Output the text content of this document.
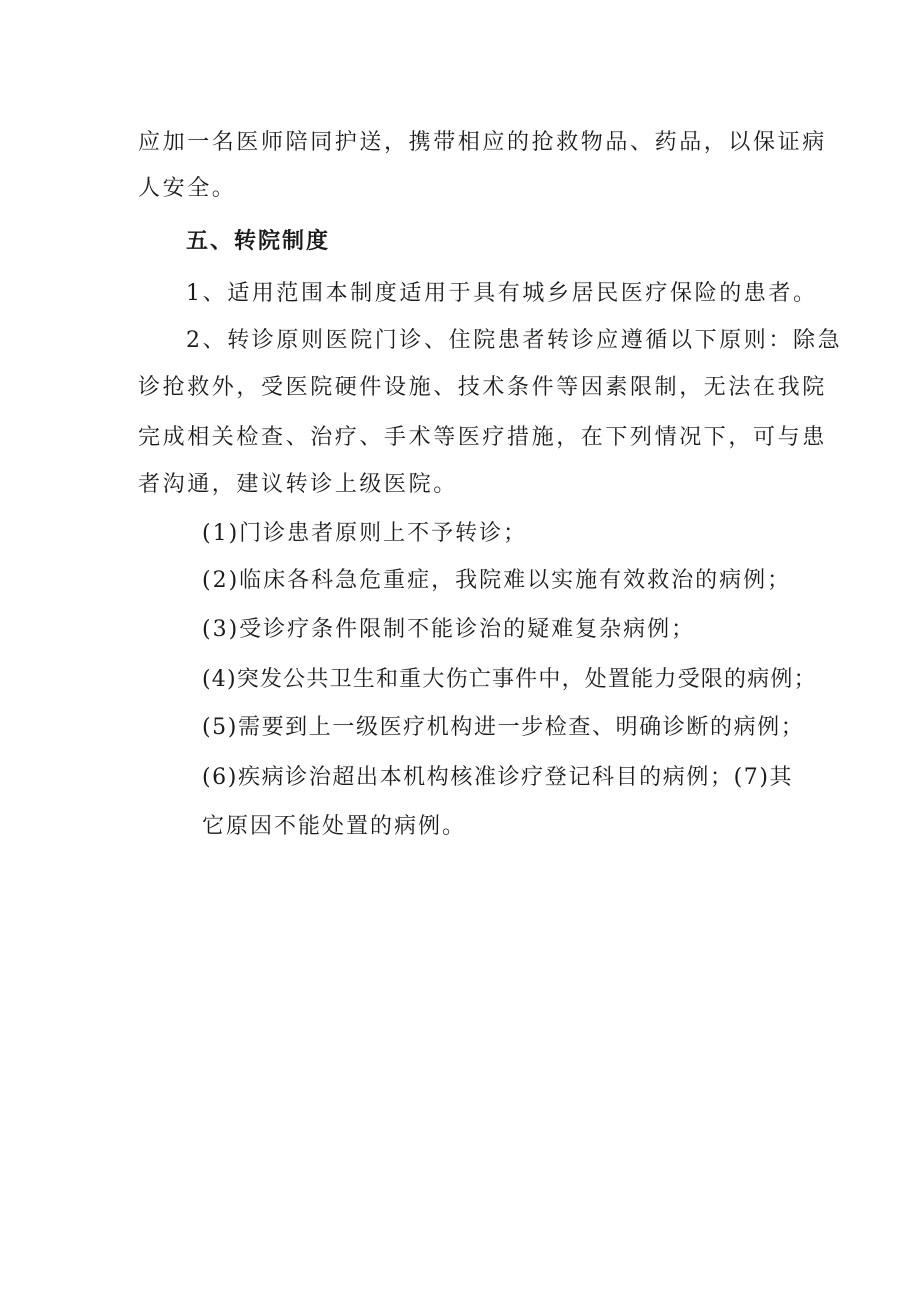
应加一名医师陪同护送，携带相应的抢救物品、药品，以保证病
人安全。
五、转院制度
1、适用范围本制度适用于具有城乡居民医疗保险的患者。
2、转诊原则医院门诊、住院患者转诊应遵循以下原则：除急
诊抢救外，受医院硬件设施、技术条件等因素限制，无法在我院
完成相关检查、治疗、手术等医疗措施，在下列情况下，可与患
者沟通，建议转诊上级医院。
(1)门诊患者原则上不予转诊；
(2)临床各科急危重症，我院难以实施有效救治的病例；
(3)受诊疗条件限制不能诊治的疑难复杂病例；
(4)突发公共卫生和重大伤亡事件中，处置能力受限的病例；
(5)需要到上一级医疗机构进一步检查、明确诊断的病例；
(6)疾病诊治超出本机构核准诊疗登记科目的病例；(7)其
它原因不能处置的病例。
